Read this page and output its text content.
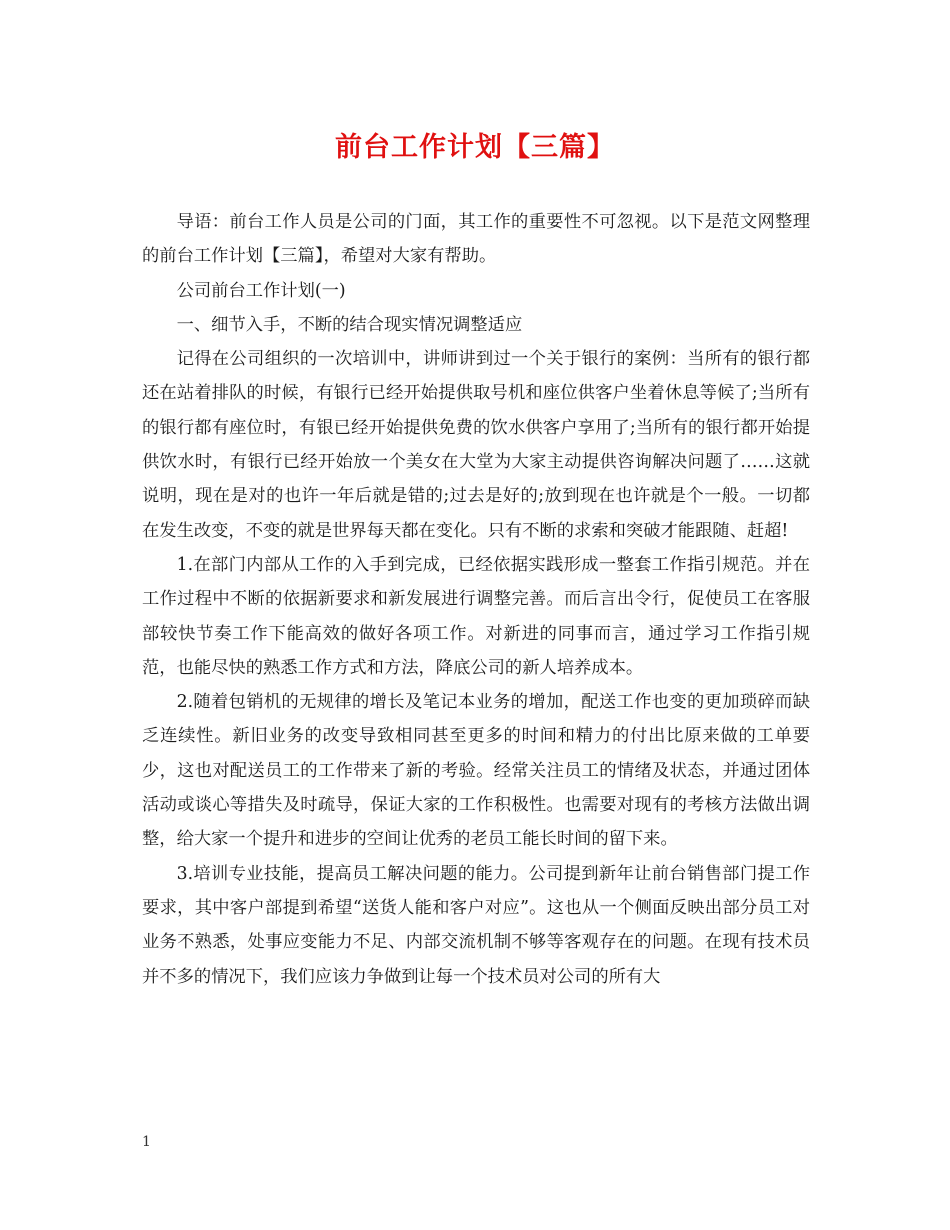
前台工作计划【三篇】

导语：前台工作人员是公司的门面，其工作的重要性不可忽视。以下是范文网整理的前台工作计划【三篇】，希望对大家有帮助。

公司前台工作计划(一)

一、细节入手，不断的结合现实情况调整适应

记得在公司组织的一次培训中，讲师讲到过一个关于银行的案例：当所有的银行都还在站着排队的时候，有银行已经开始提供取号机和座位供客户坐着休息等候了;当所有的银行都有座位时，有银已经开始提供免费的饮水供客户享用了;当所有的银行都开始提供饮水时，有银行已经开始放一个美女在大堂为大家主动提供咨询解决问题了……这就说明，现在是对的也许一年后就是错的;过去是好的;放到现在也许就是个一般。一切都在发生改变，不变的就是世界每天都在变化。只有不断的求索和突破才能跟随、赶超!

1.在部门内部从工作的入手到完成，已经依据实践形成一整套工作指引规范。并在工作过程中不断的依据新要求和新发展进行调整完善。而后言出令行，促使员工在客服部较快节奏工作下能高效的做好各项工作。对新进的同事而言，通过学习工作指引规范，也能尽快的熟悉工作方式和方法，降底公司的新人培养成本。

2.随着包销机的无规律的增长及笔记本业务的增加，配送工作也变的更加琐碎而缺乏连续性。新旧业务的改变导致相同甚至更多的时间和精力的付出比原来做的工单要少，这也对配送员工的工作带来了新的考验。经常关注员工的情绪及状态，并通过团体活动或谈心等措失及时疏导，保证大家的工作积极性。也需要对现有的考核方法做出调整，给大家一个提升和进步的空间让优秀的老员工能长时间的留下来。

3.培训专业技能，提高员工解决问题的能力。公司提到新年让前台销售部门提工作要求，其中客户部提到希望“送货人能和客户对应”。这也从一个侧面反映出部分员工对业务不熟悉，处事应变能力不足、内部交流机制不够等客观存在的问题。在现有技术员并不多的情况下，我们应该力争做到让每一个技术员对公司的所有大

1
